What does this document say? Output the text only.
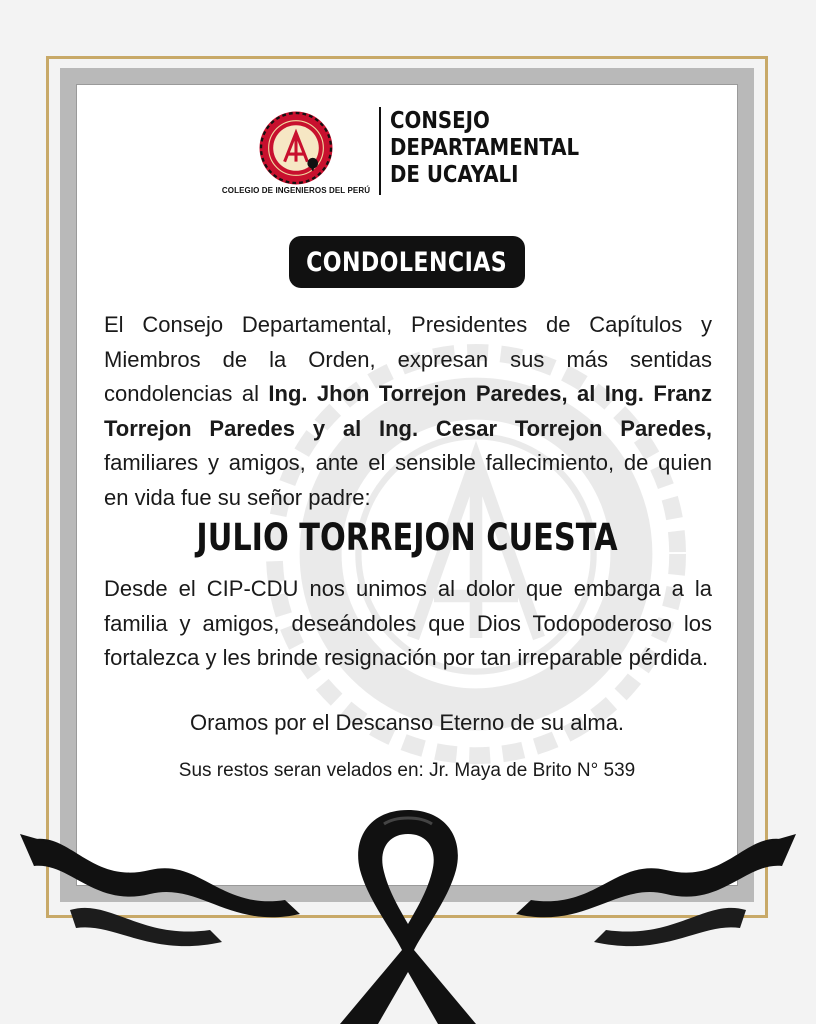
COLEGIO DE INGENIEROS DEL PERÚ
CONSEJO
DEPARTAMENTAL
DE UCAYALI
CONDOLENCIAS

El Consejo Departamental, Presidentes de Capítulos y Miembros de la Orden, expresan sus más sentidas condolencias al Ing. Jhon Torrejon Paredes, al Ing. Franz Torrejon Paredes y al Ing. Cesar Torrejon Paredes, familiares y amigos, ante el sensible fallecimiento, de quien en vida fue su señor padre:

JULIO TORREJON CUESTA

Desde el CIP-CDU nos unimos al dolor que embarga a la familia y amigos, deseándoles que Dios Todopoderoso los fortalezca y les brinde resignación por tan irreparable pérdida.

Oramos por el Descanso Eterno de su alma.

Sus restos seran velados en: Jr. Maya de Brito N° 539
